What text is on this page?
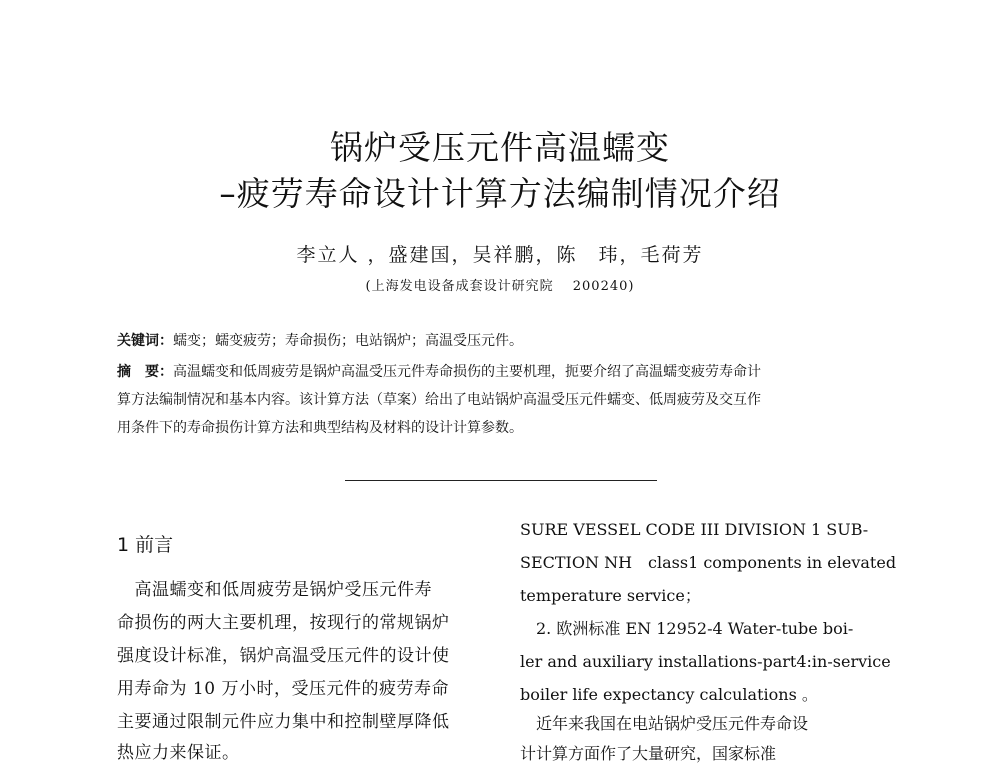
锅炉受压元件高温蠕变
–疲劳寿命设计计算方法编制情况介绍
李立人 ，盛建国，吴祥鹏，陈　玮，毛荷芳
(上海发电设备成套设计研究院　 200240)
关键词：蠕变；蠕变疲劳；寿命损伤；电站锅炉；高温受压元件。
摘　要：高温蠕变和低周疲劳是锅炉高温受压元件寿命损伤的主要机理，扼要介绍了高温蠕变疲劳寿命计
算方法编制情况和基本内容。该计算方法（草案）给出了电站锅炉高温受压元件蠕变、低周疲劳及交互作
用条件下的寿命损伤计算方法和典型结构及材料的设计计算参数。
1 前言
　高温蠕变和低周疲劳是锅炉受压元件寿
命损伤的两大主要机理，按现行的常规锅炉
强度设计标准，锅炉高温受压元件的设计使
用寿命为 10 万小时，受压元件的疲劳寿命
主要通过限制元件应力集中和控制壁厚降低
热应力来保证。
SURE VESSEL CODE III DIVISION 1 SUB-
SECTION NH　class1 components in elevated
temperature service；
　2. 欧洲标准 EN 12952-4 Water-tube boi-
ler and auxiliary installations-part4:in-service
boiler life expectancy calculations 。
　近年来我国在电站锅炉受压元件寿命设
计计算方面作了大量研究，国家标准
